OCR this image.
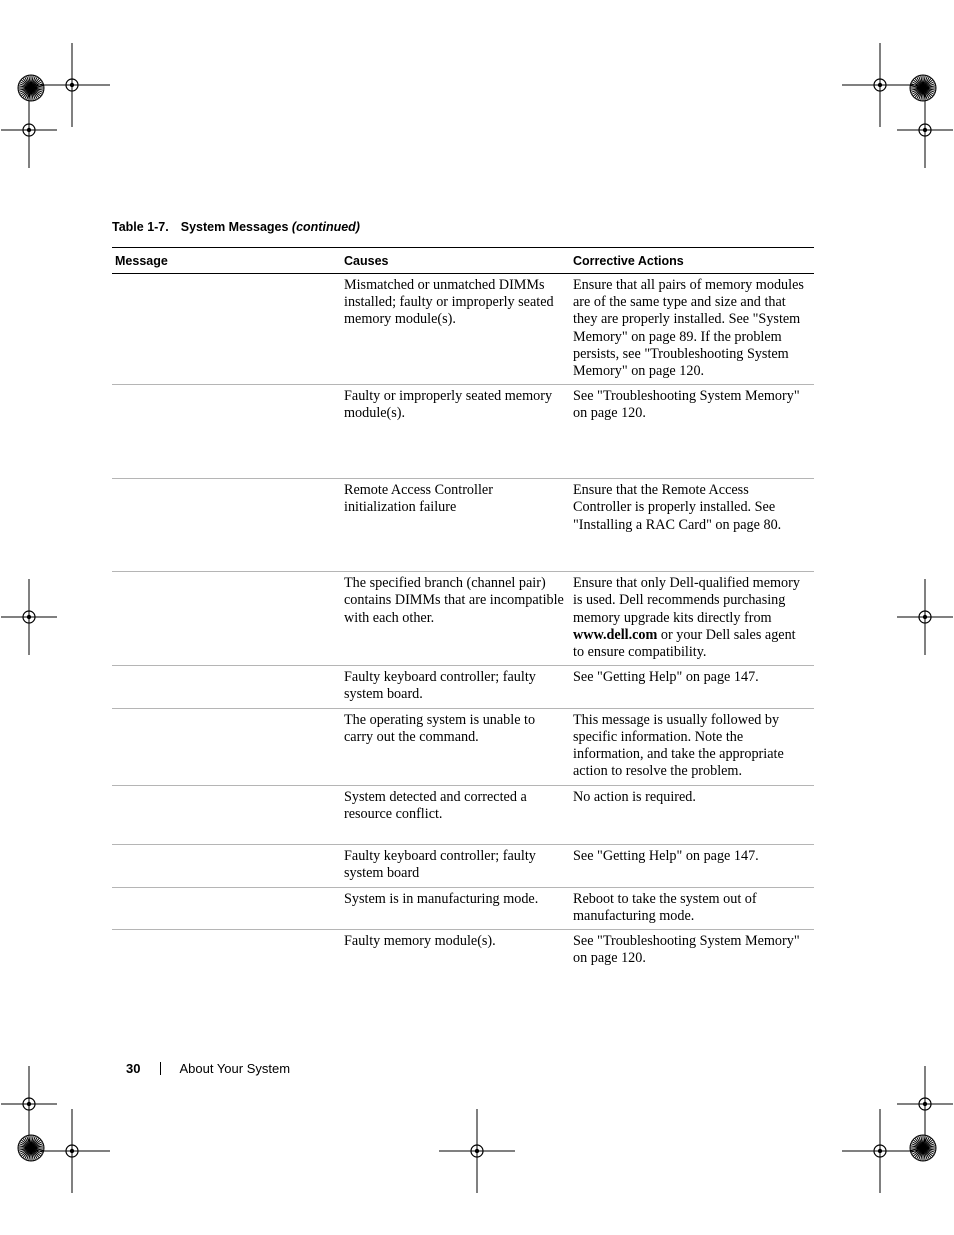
Table 1-7. System Messages (continued)
Message	Causes	Corrective Actions
	Mismatched or unmatched DIMMs installed; faulty or improperly seated memory module(s).	Ensure that all pairs of memory modules are of the same type and size and that they are properly installed. See "System Memory" on page 89. If the problem persists, see "Troubleshooting System Memory" on page 120.
	Faulty or improperly seated memory module(s).	See "Troubleshooting System Memory" on page 120.
	Remote Access Controller initialization failure	Ensure that the Remote Access Controller is properly installed. See "Installing a RAC Card" on page 80.
	The specified branch (channel pair) contains DIMMs that are incompatible with each other.	Ensure that only Dell-qualified memory is used. Dell recommends purchasing memory upgrade kits directly from www.dell.com or your Dell sales agent to ensure compatibility.
	Faulty keyboard controller; faulty system board.	See "Getting Help" on page 147.
	The operating system is unable to carry out the command.	This message is usually followed by specific information. Note the information, and take the appropriate action to resolve the problem.
	System detected and corrected a resource conflict.	No action is required.
	Faulty keyboard controller; faulty system board	See "Getting Help" on page 147.
	System is in manufacturing mode.	Reboot to take the system out of manufacturing mode.
	Faulty memory module(s).	See "Troubleshooting System Memory" on page 120.
30	About Your System
